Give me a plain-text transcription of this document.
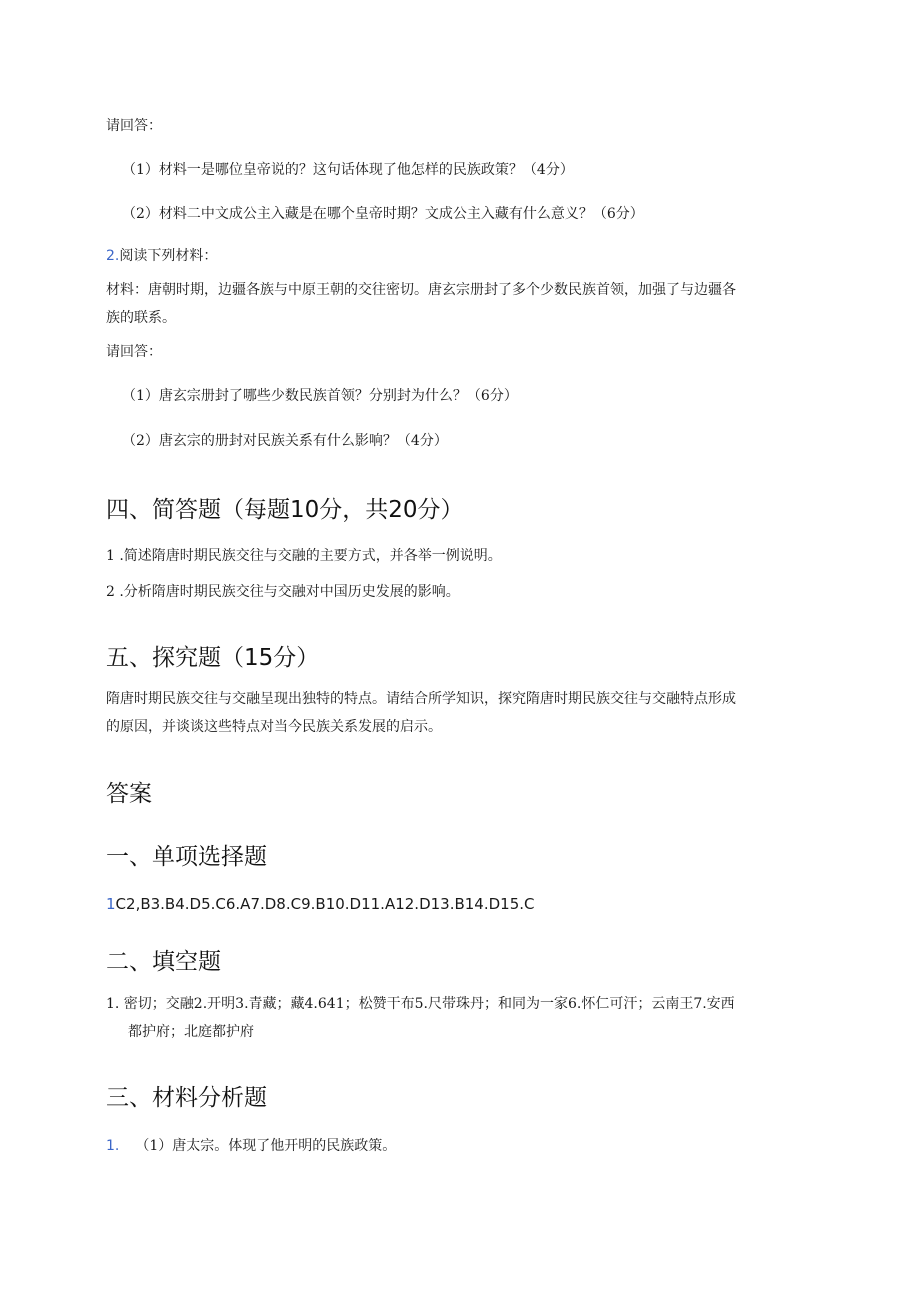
请回答：
（1）材料一是哪位皇帝说的？这句话体现了他怎样的民族政策？（4分）
（2）材料二中文成公主入藏是在哪个皇帝时期？文成公主入藏有什么意义？（6分）
2.阅读下列材料：
材料：唐朝时期，边疆各族与中原王朝的交往密切。唐玄宗册封了多个少数民族首领，加强了与边疆各
族的联系。
请回答：
（1）唐玄宗册封了哪些少数民族首领？分别封为什么？（6分）
（2）唐玄宗的册封对民族关系有什么影响？（4分）
四、简答题（每题10分，共20分）
1 .简述隋唐时期民族交往与交融的主要方式，并各举一例说明。
2 .分析隋唐时期民族交往与交融对中国历史发展的影响。
五、探究题（15分）
隋唐时期民族交往与交融呈现出独特的特点。请结合所学知识，探究隋唐时期民族交往与交融特点形成
的原因，并谈谈这些特点对当今民族关系发展的启示。
答案
一、单项选择题
1C2,B3.B4.D5.C6.A7.D8.C9.B10.D11.A12.D13.B14.D15.C
二、填空题
1. 密切；交融2.开明3.青藏；藏4.641；松赞干布5.尺带珠丹；和同为一家6.怀仁可汗；云南王7.安西
都护府；北庭都护府
三、材料分析题
1. （1）唐太宗。体现了他开明的民族政策。
